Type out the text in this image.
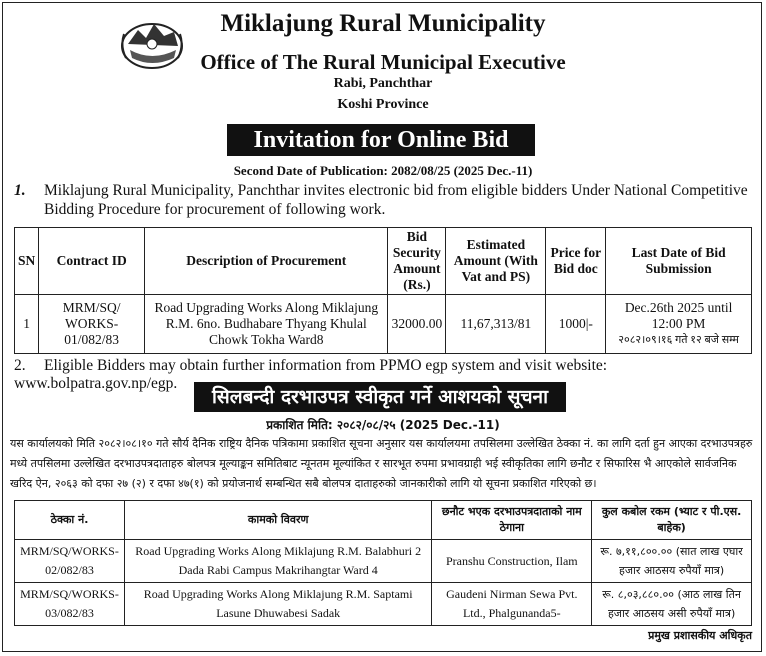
Miklajung Rural Municipality
Office of The Rural Municipal Executive
Rabi, Panchthar
Koshi Province
Invitation for Online Bid
Second Date of Publication: 2082/08/25 (2025 Dec.-11)
1. Miklajung Rural Municipality, Panchthar invites electronic bid from eligible bidders Under National Competitive Bidding Procedure for procurement of following work.
SN	Contract ID	Description of Procurement	Bid Security Amount (Rs.)	Estimated Amount (With Vat and PS)	Price for Bid doc	Last Date of Bid Submission
1	MRM/SQ/ WORKS- 01/082/83	Road Upgrading Works Along Miklajung R.M. 6no. Budhabare Thyang Khulal Chowk Tokha Ward8	32000.00	11,67,313/81	1000|-	Dec.26th 2025 until 12:00 PM
२०८२।०९।१६ गते १२ बजे सम्म
2. Eligible Bidders may obtain further information from PPMO egp system and visit website: www.bolpatra.gov.np/egp.
सिलबन्दी दरभाउपत्र स्वीकृत गर्ने आशयको सूचना
प्रकाशित मिति: २०८२/०८/२५ (2025 Dec.-11)
यस कार्यालयको मिति २०८२।०८।१० गते सौर्य दैनिक राष्ट्रिय दैनिक पत्रिकामा प्रकाशित सूचना अनुसार यस कार्यालयमा तपसिलमा उल्लेखित ठेक्का नं. का लागि दर्ता हुन आएका दरभाउपत्रहरु मध्ये तपसिलमा उल्लेखित दरभाउपत्रदाताहरु बोलपत्र मूल्याङ्कन समितिबाट न्यूनतम मूल्यांकित र सारभूत रुपमा प्रभावग्राही भई स्वीकृतिका लागि छनौट र सिफारिस भै आएकोले सार्वजनिक खरिद ऐन, २०६३ को दफा २७ (२) र दफा ४७(१) को प्रयोजनार्थ सम्बन्धित सबै बोलपत्र दाताहरुको जानकारीको लागि यो सूचना प्रकाशित गरिएको छ।
ठेक्का नं.	कामको विवरण	छनौट भएक दरभाउपत्रदाताको नाम ठेगाना	कुल कबोल रकम (भ्याट र पी.एस. बाहेक)
MRM/SQ/WORKS- 02/082/83	Road Upgrading Works Along Miklajung R.M. Balabhuri 2 Dada Rabi Campus Makrihangtar Ward 4	Pranshu Construction, Ilam	रू. ७,११,८००.०० (सात लाख एघार हजार आठसय रुपैयाँ मात्र)
MRM/SQ/WORKS- 03/082/83	Road Upgrading Works Along Miklajung R.M. Saptami Lasune Dhuwabesi Sadak	Gaudeni Nirman Sewa Pvt. Ltd., Phalgunanda5-	रू. ८,०३,८८०.०० (आठ लाख तिन हजार आठसय असी रुपैयाँ मात्र)
प्रमुख प्रशासकीय अधिकृत
